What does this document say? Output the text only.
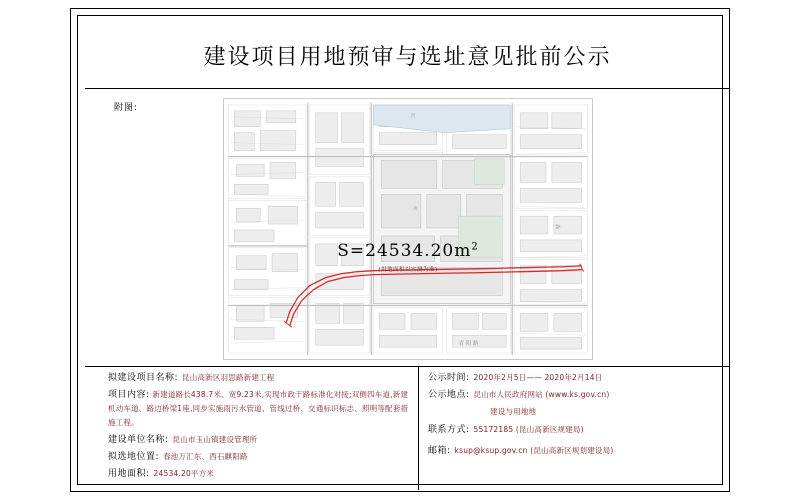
建设项目用地预审与选址意见批前公示
附图:
黄
青 阳 路
森
河
$S=24534.20m^2$
(用地面积以实测为准)
拟建设项目名称: 昆山高新区羽思路新建工程
项目内容: 新建道路长438.7米、宽9.23米,实现市政干路标准化对接;双侧四车道,新建机动车道、路边桥梁1座,同步实施雨污水管道、管线过桥、交通标识标志、照明等配套措施工程。
建设单位名称: 昆山市玉山镇建设管理所
拟选地位置: 春池万汇东、西石麒阳路
用地面积: 24534.20平方米
公示时间: 2020年2月5日—— 2020年2月14日
公示地点: 昆山市人民政府网站 (www.ks.gov.cn)
建设与用地地
联系方式: 55172185 (昆山高新区规建局)
邮箱: ksup@ksup.gov.cn (昆山高新区规划建设局)
